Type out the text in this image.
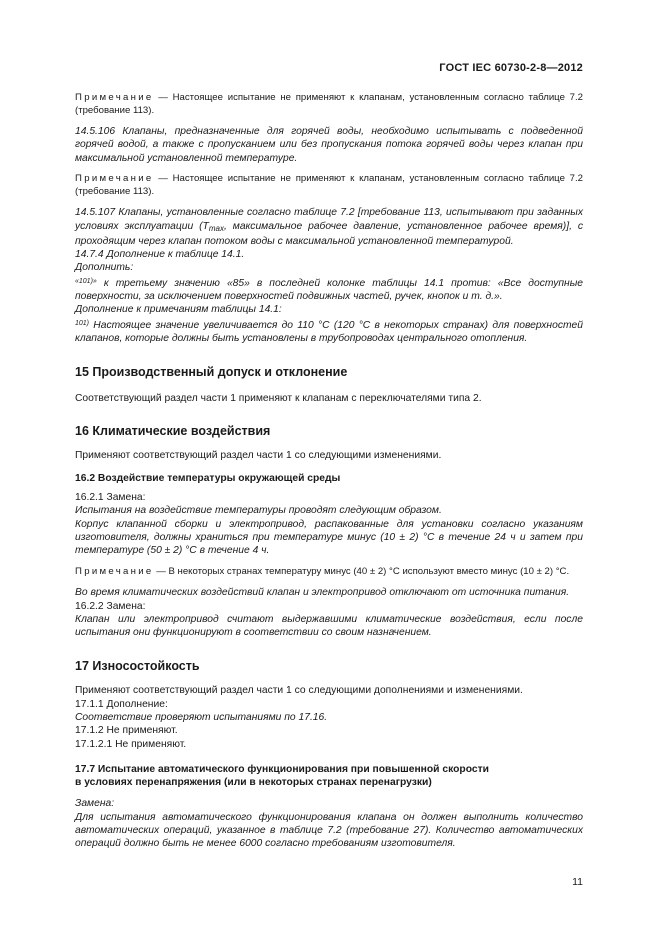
ГОСТ IEC 60730-2-8—2012

Примечание — Настоящее испытание не применяют к клапанам, установленным согласно таблице 7.2 (требование 113).

14.5.106 Клапаны, предназначенные для горячей воды, необходимо испытывать с подведенной горячей водой, а также с пропусканием или без пропускания потока горячей воды через клапан при максимальной установленной температуре.

Примечание — Настоящее испытание не применяют к клапанам, установленным согласно таблице 7.2 (требование 113).

14.5.107 Клапаны, установленные согласно таблице 7.2 [требование 113, испытывают при заданных условиях эксплуатации ($T_{max}$, максимальное рабочее давление, установленное рабочее время)], с проходящим через клапан потоком воды с максимальной установленной температурой.

14.7.4 Дополнение к таблице 14.1.

Дополнить:

$^{«101)»}$ к третьему значению «85» в последней колонке таблицы 14.1 против: «Все доступные поверхности, за исключением поверхностей подвижных частей, ручек, кнопок и т. д.».

Дополнение к примечаниям таблицы 14.1:

$^{101)}$ Настоящее значение увеличивается до 110 °С (120 °С в некоторых странах) для поверхностей клапанов, которые должны быть установлены в трубопроводах центрального отопления.

15 Производственный допуск и отклонение

Соответствующий раздел части 1 применяют к клапанам с переключателями типа 2.

16 Климатические воздействия

Применяют соответствующий раздел части 1 со следующими изменениями.

16.2 Воздействие температуры окружающей среды

16.2.1 Замена:

Испытания на воздействие температуры проводят следующим образом.

Корпус клапанной сборки и электропривод, распакованные для установки согласно указаниям изготовителя, должны храниться при температуре минус (10 ± 2) °С в течение 24 ч и затем при температуре (50 ± 2) °С в течение 4 ч.

Примечание — В некоторых странах температуру минус (40 ± 2) °С используют вместо минус (10 ± 2) °С.

Во время климатических воздействий клапан и электропривод отключают от источника питания.

16.2.2 Замена:

Клапан или электропривод считают выдержавшими климатические воздействия, если после испытания они функционируют в соответствии со своим назначением.

17 Износостойкость

Применяют соответствующий раздел части 1 со следующими дополнениями и изменениями.

17.1.1 Дополнение:

Соответствие проверяют испытаниями по 17.16.

17.1.2 Не применяют.

17.1.2.1 Не применяют.

17.7 Испытание автоматического функционирования при повышенной скорости

в условиях перенапряжения (или в некоторых странах перенагрузки)

Замена:

Для испытания автоматического функционирования клапана он должен выполнить количество автоматических операций, указанное в таблице 7.2 (требование 27). Количество автоматических операций должно быть не менее 6000 согласно требованиям изготовителя.

11
